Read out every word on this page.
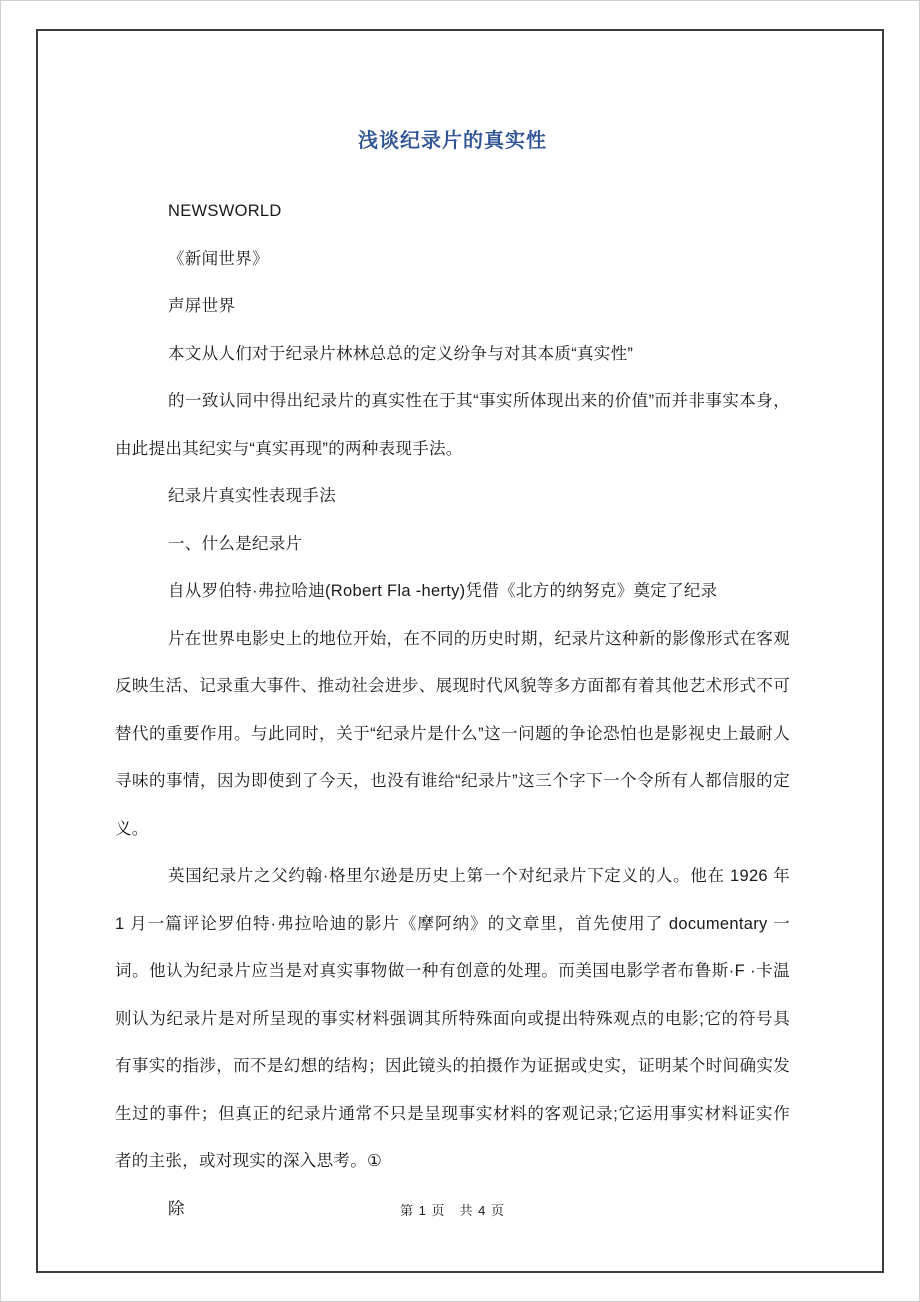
浅谈纪录片的真实性

NEWSWORLD

《新闻世界》

声屏世界

本文从人们对于纪录片林林总总的定义纷争与对其本质“真实性”

的一致认同中得出纪录片的真实性在于其“事实所体现出来的价值”而并非事实本身，由此提出其纪实与“真实再现”的两种表现手法。

纪录片真实性表现手法

一、什么是纪录片

自从罗伯特·弗拉哈迪(Robert Fla -herty)凭借《北方的纳努克》奠定了纪录

片在世界电影史上的地位开始，在不同的历史时期，纪录片这种新的影像形式在客观反映生活、记录重大事件、推动社会进步、展现时代风貌等多方面都有着其他艺术形式不可替代的重要作用。与此同时，关于“纪录片是什么”这一问题的争论恐怕也是影视史上最耐人寻味的事情，因为即使到了今天，也没有谁给“纪录片”这三个字下一个令所有人都信服的定义。

英国纪录片之父约翰·格里尔逊是历史上第一个对纪录片下定义的人。他在 1926 年 1 月一篇评论罗伯特·弗拉哈迪的影片《摩阿纳》的文章里，首先使用了 documentary 一词。他认为纪录片应当是对真实事物做一种有创意的处理。而美国电影学者布鲁斯·F ·卡温则认为纪录片是对所呈现的事实材料强调其所特殊面向或提出特殊观点的电影;它的符号具有事实的指涉，而不是幻想的结构；因此镜头的拍摄作为证据或史实，证明某个时间确实发生过的事件；但真正的纪录片通常不只是呈现事实材料的客观记录;它运用事实材料证实作者的主张，或对现实的深入思考。①

除	第 1 页　共 4 页
